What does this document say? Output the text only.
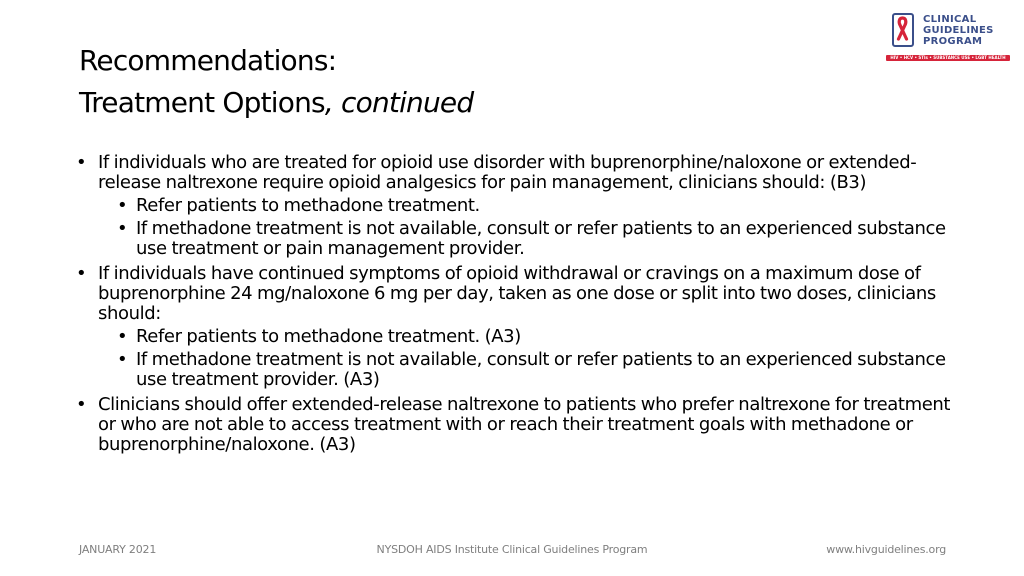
Recommendations:
Treatment Options, continued
CLINICAL
GUIDELINES
PROGRAM
HIV • HCV • STIs • SUBSTANCE USE • LGBT HEALTH
• If individuals who are treated for opioid use disorder with buprenorphine/naloxone or extended-release naltrexone require opioid analgesics for pain management, clinicians should: (B3)
• Refer patients to methadone treatment.
• If methadone treatment is not available, consult or refer patients to an experienced substance use treatment or pain management provider.
• If individuals have continued symptoms of opioid withdrawal or cravings on a maximum dose of buprenorphine 24 mg/naloxone 6 mg per day, taken as one dose or split into two doses, clinicians should:
• Refer patients to methadone treatment. (A3)
• If methadone treatment is not available, consult or refer patients to an experienced substance use treatment provider. (A3)
• Clinicians should offer extended-release naltrexone to patients who prefer naltrexone for treatment or who are not able to access treatment with or reach their treatment goals with methadone or buprenorphine/naloxone. (A3)
JANUARY 2021	NYSDOH AIDS Institute Clinical Guidelines Program	www.hivguidelines.org
